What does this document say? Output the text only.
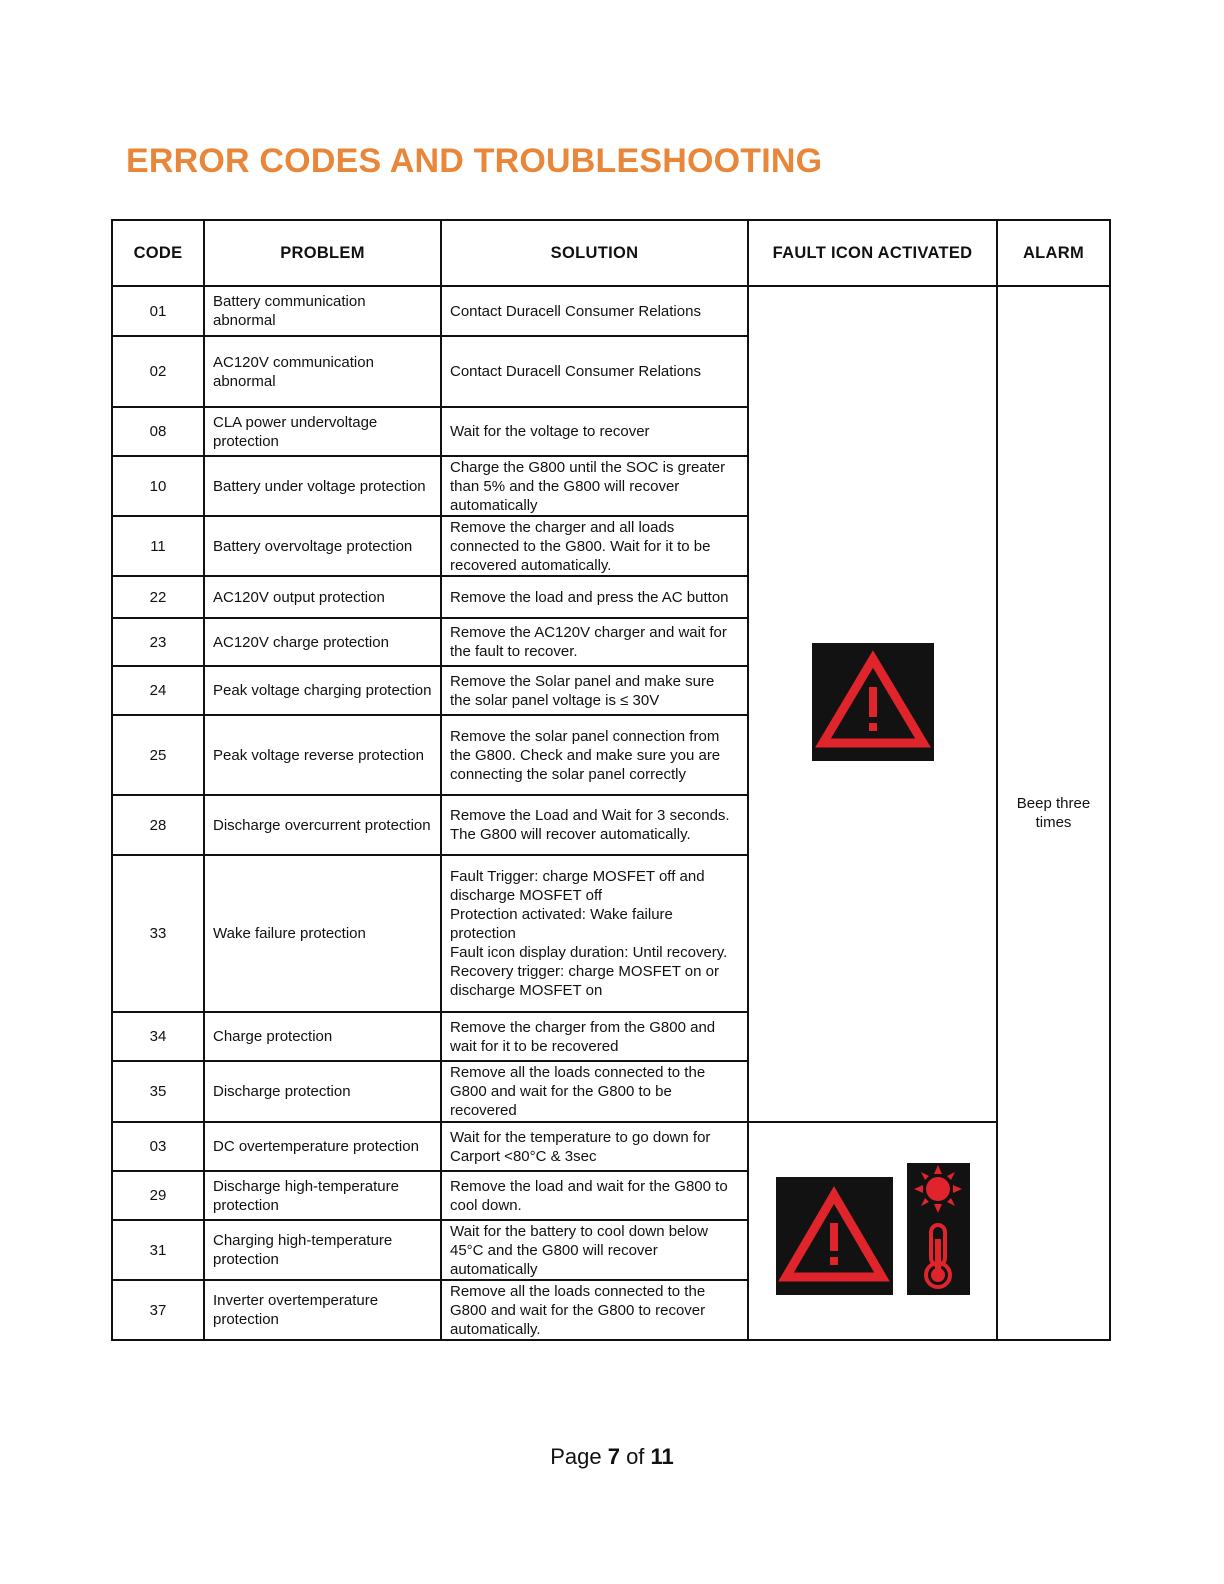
ERROR CODES AND TROUBLESHOOTING
CODE	PROBLEM	SOLUTION	FAULT ICON ACTIVATED	ALARM
01	Battery communication abnormal	Contact Duracell Consumer Relations		Beep three times
02	AC120V communication abnormal	Contact Duracell Consumer Relations		
08	CLA power undervoltage protection	Wait for the voltage to recover		
10	Battery under voltage protection	Charge the G800 until the SOC is greater than 5% and the G800 will recover automatically		
11	Battery overvoltage protection	Remove the charger and all loads connected to the G800. Wait for it to be recovered automatically.		
22	AC120V output protection	Remove the load and press the AC button		
23	AC120V charge protection	Remove the AC120V charger and wait for the fault to recover.		
24	Peak voltage charging protection	Remove the Solar panel and make sure the solar panel voltage is ≤ 30V		
25	Peak voltage reverse protection	Remove the solar panel connection from the G800. Check and make sure you are connecting the solar panel correctly		
28	Discharge overcurrent protection	Remove the Load and Wait for 3 seconds. The G800 will recover automatically.		
33	Wake failure protection	Fault Trigger: charge MOSFET off and discharge MOSFET off
Protection activated: Wake failure protection
Fault icon display duration: Until recovery.
Recovery trigger: charge MOSFET on or discharge MOSFET on		
34	Charge protection	Remove the charger from the G800 and wait for it to be recovered		
35	Discharge protection	Remove all the loads connected to the G800 and wait for the G800 to be recovered		
03	DC overtemperature protection	Wait for the temperature to go down for Carport <80°C & 3sec	

29	Discharge high-temperature protection	Remove the load and wait for the G800 to cool down.		
31	Charging high-temperature protection	Wait for the battery to cool down below 45°C and the G800 will recover automatically		
37	Inverter overtemperature protection	Remove all the loads connected to the G800 and wait for the G800 to recover automatically.		
Page 7 of 11
